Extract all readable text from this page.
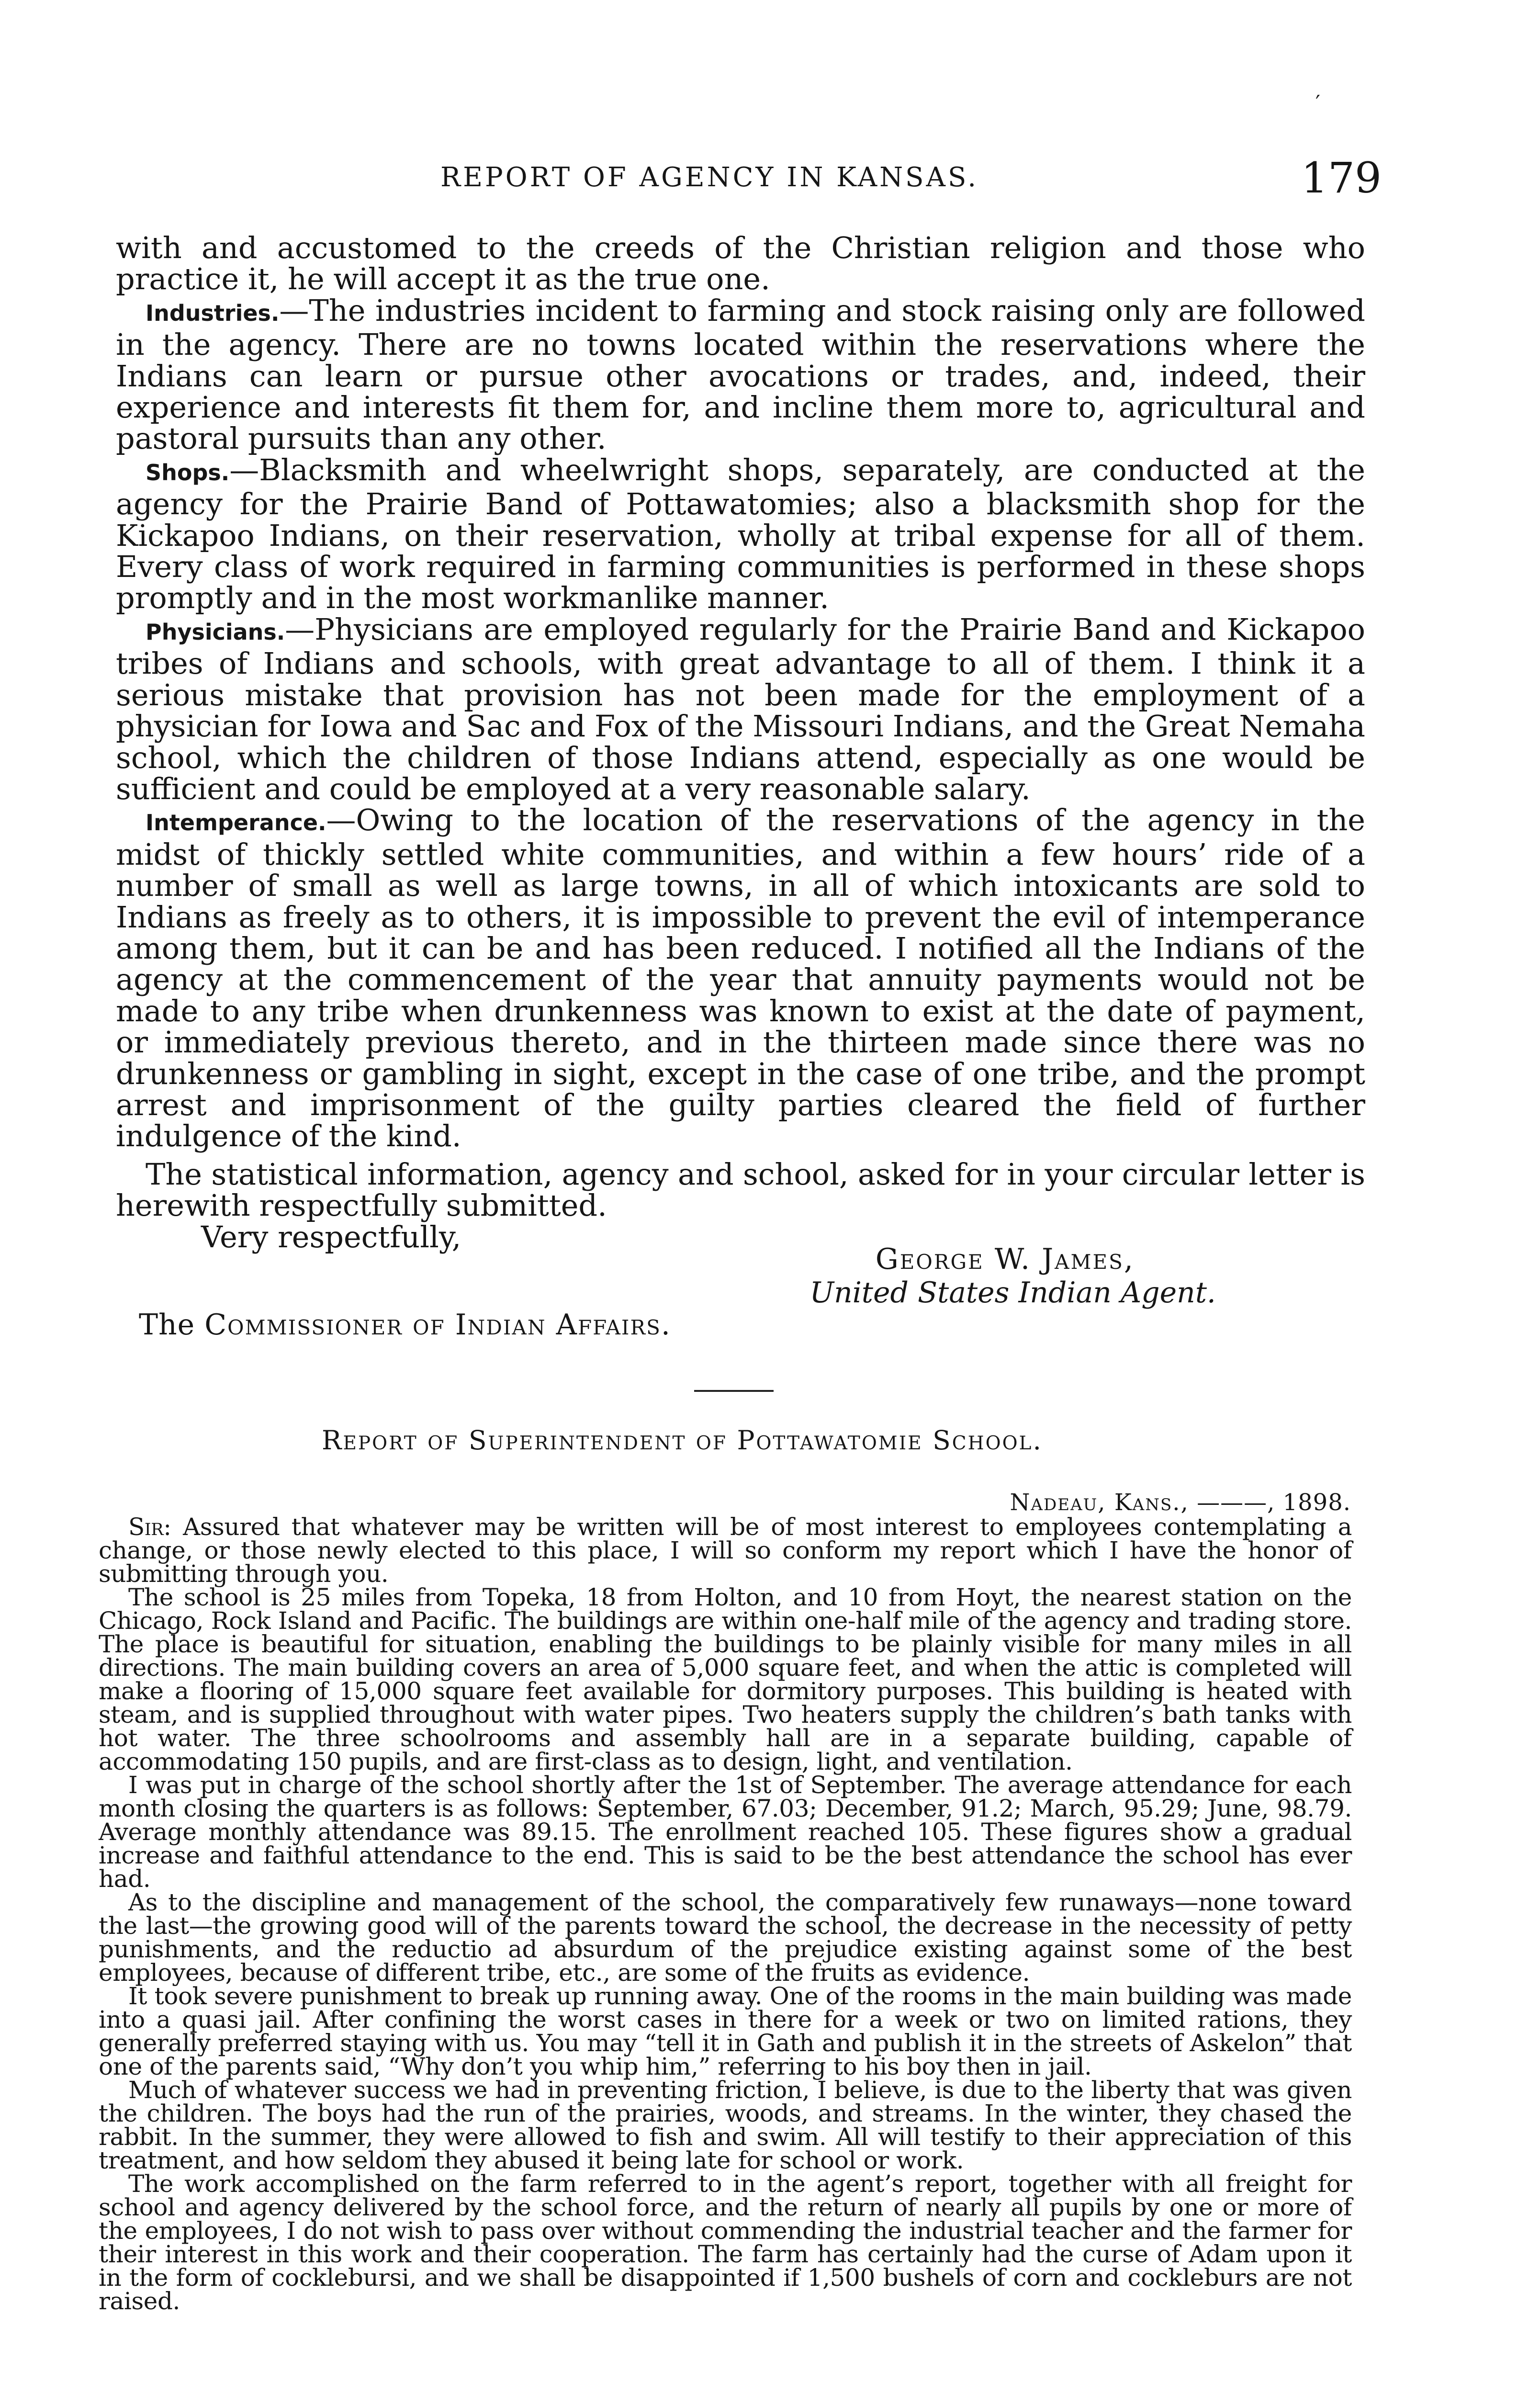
′
REPORT OF AGENCY IN KANSAS.	179

with and accustomed to the creeds of the Christian religion and those who practice it, he will accept it as the true one.

Industries.—The industries incident to farming and stock raising only are followed in the agency. There are no towns located within the reservations where the Indians can learn or pursue other avocations or trades, and, indeed, their experience and interests fit them for, and incline them more to, agricultural and pastoral pursuits than any other.

Shops.—Blacksmith and wheelwright shops, separately, are conducted at the agency for the Prairie Band of Pottawatomies; also a blacksmith shop for the Kickapoo Indians, on their reservation, wholly at tribal expense for all of them. Every class of work required in farming communities is performed in these shops promptly and in the most workmanlike manner.

Physicians.—Physicians are employed regularly for the Prairie Band and Kickapoo tribes of Indians and schools, with great advantage to all of them. I think it a serious mistake that provision has not been made for the employment of a physician for Iowa and Sac and Fox of the Missouri Indians, and the Great Nemaha school, which the children of those Indians attend, especially as one would be sufficient and could be employed at a very reasonable salary.

Intemperance.—Owing to the location of the reservations of the agency in the midst of thickly settled white communities, and within a few hours’ ride of a number of small as well as large towns, in all of which intoxicants are sold to Indians as freely as to others, it is impossible to prevent the evil of intemperance among them, but it can be and has been reduced. I notified all the Indians of the agency at the commencement of the year that annuity payments would not be made to any tribe when drunkenness was known to exist at the date of payment, or immediately previous thereto, and in the thirteen made since there was no drunkenness or gambling in sight, except in the case of one tribe, and the prompt arrest and imprisonment of the guilty parties cleared the field of further indulgence of the kind.

The statistical information, agency and school, asked for in your circular letter is herewith respectfully submitted.

Very respectfully,

George W. James,
United States Indian Agent.
The Commissioner of Indian Affairs.
Report of Superintendent of Pottawatomie School.
Nadeau, Kans., ———, 1898.

Sir: Assured that whatever may be written will be of most interest to employees contemplating a change, or those newly elected to this place, I will so conform my report which I have the honor of submitting through you.

The school is 25 miles from Topeka, 18 from Holton, and 10 from Hoyt, the nearest station on the Chicago, Rock Island and Pacific. The buildings are within one-half mile of the agency and trading store. The place is beautiful for situation, enabling the buildings to be plainly visible for many miles in all directions. The main building covers an area of 5,000 square feet, and when the attic is completed will make a flooring of 15,000 square feet available for dormitory purposes. This building is heated with steam, and is supplied throughout with water pipes. Two heaters supply the children’s bath tanks with hot water. The three schoolrooms and assembly hall are in a separate building, capable of accommodating 150 pupils, and are first-class as to design, light, and ventilation.

I was put in charge of the school shortly after the 1st of September. The average attendance for each month closing the quarters is as follows: September, 67.03; December, 91.2; March, 95.29; June, 98.79. Average monthly attendance was 89.15. The enrollment reached 105. These figures show a gradual increase and faithful attendance to the end. This is said to be the best attendance the school has ever had.

As to the discipline and management of the school, the comparatively few runaways—none toward the last—the growing good will of the parents toward the school, the decrease in the necessity of petty punishments, and the reductio ad absurdum of the prejudice existing against some of the best employees, because of different tribe, etc., are some of the fruits as evidence.

It took severe punishment to break up running away. One of the rooms in the main building was made into a quasi jail. After confining the worst cases in there for a week or two on limited rations, they generally preferred staying with us. You may “tell it in Gath and publish it in the streets of Askelon” that one of the parents said, “Why don’t you whip him,” referring to his boy then in jail.

Much of whatever success we had in preventing friction, I believe, is due to the liberty that was given the children. The boys had the run of the prairies, woods, and streams. In the winter, they chased the rabbit. In the summer, they were allowed to fish and swim. All will testify to their appreciation of this treatment, and how seldom they abused it being late for school or work.

The work accomplished on the farm referred to in the agent’s report, together with all freight for school and agency delivered by the school force, and the return of nearly all pupils by one or more of the employees, I do not wish to pass over without commending the industrial teacher and the farmer for their interest in this work and their cooperation. The farm has certainly had the curse of Adam upon it in the form of cocklebursi, and we shall be disappointed if 1,500 bushels of corn and cockleburs are not raised.
